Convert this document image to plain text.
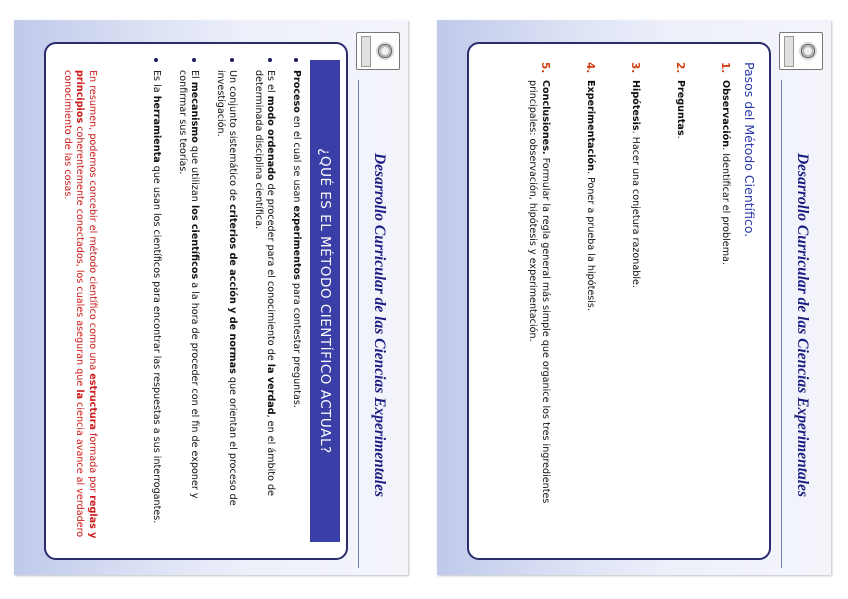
Desarrollo Curricular de las Ciencias Experimentales
¿QUÉ ES EL MÉTODO CIENTÍFICO ACTUAL?
Proceso en el cual se usan experimentos para contestar preguntas.
Es el modo ordenado de proceder para el conocimiento de la verdad, en el ámbito de determinada disciplina científica.
Un conjunto sistemático de criterios de acción y de normas que orientan el proceso de investigación.
El mecanismo que utilizan los científicos a la hora de proceder con el fin de exponer y confirmar sus teorías.
Es la herramienta que usan los científicos para encontrar las respuestas a sus interrogantes.
En resumen, podemos concebir el método científico como una estructura formada por reglas y principios coherentemente conectados, los cuales aseguran que la ciencia avance al verdadero conocimiento de las cosas.
Desarrollo Curricular de las Ciencias Experimentales
Pasos del Método Científico.
1.
Observación. Identificar el problema.
2.
Preguntas.
3.
Hipótesis. Hacer una conjetura razonable.
4.
Experimentación. Poner a prueba la hipótesis.
5.
Conclusiones. Formular la regla general más simple que organice los tres ingredientes principales: observación, hipótesis y experimentación.
